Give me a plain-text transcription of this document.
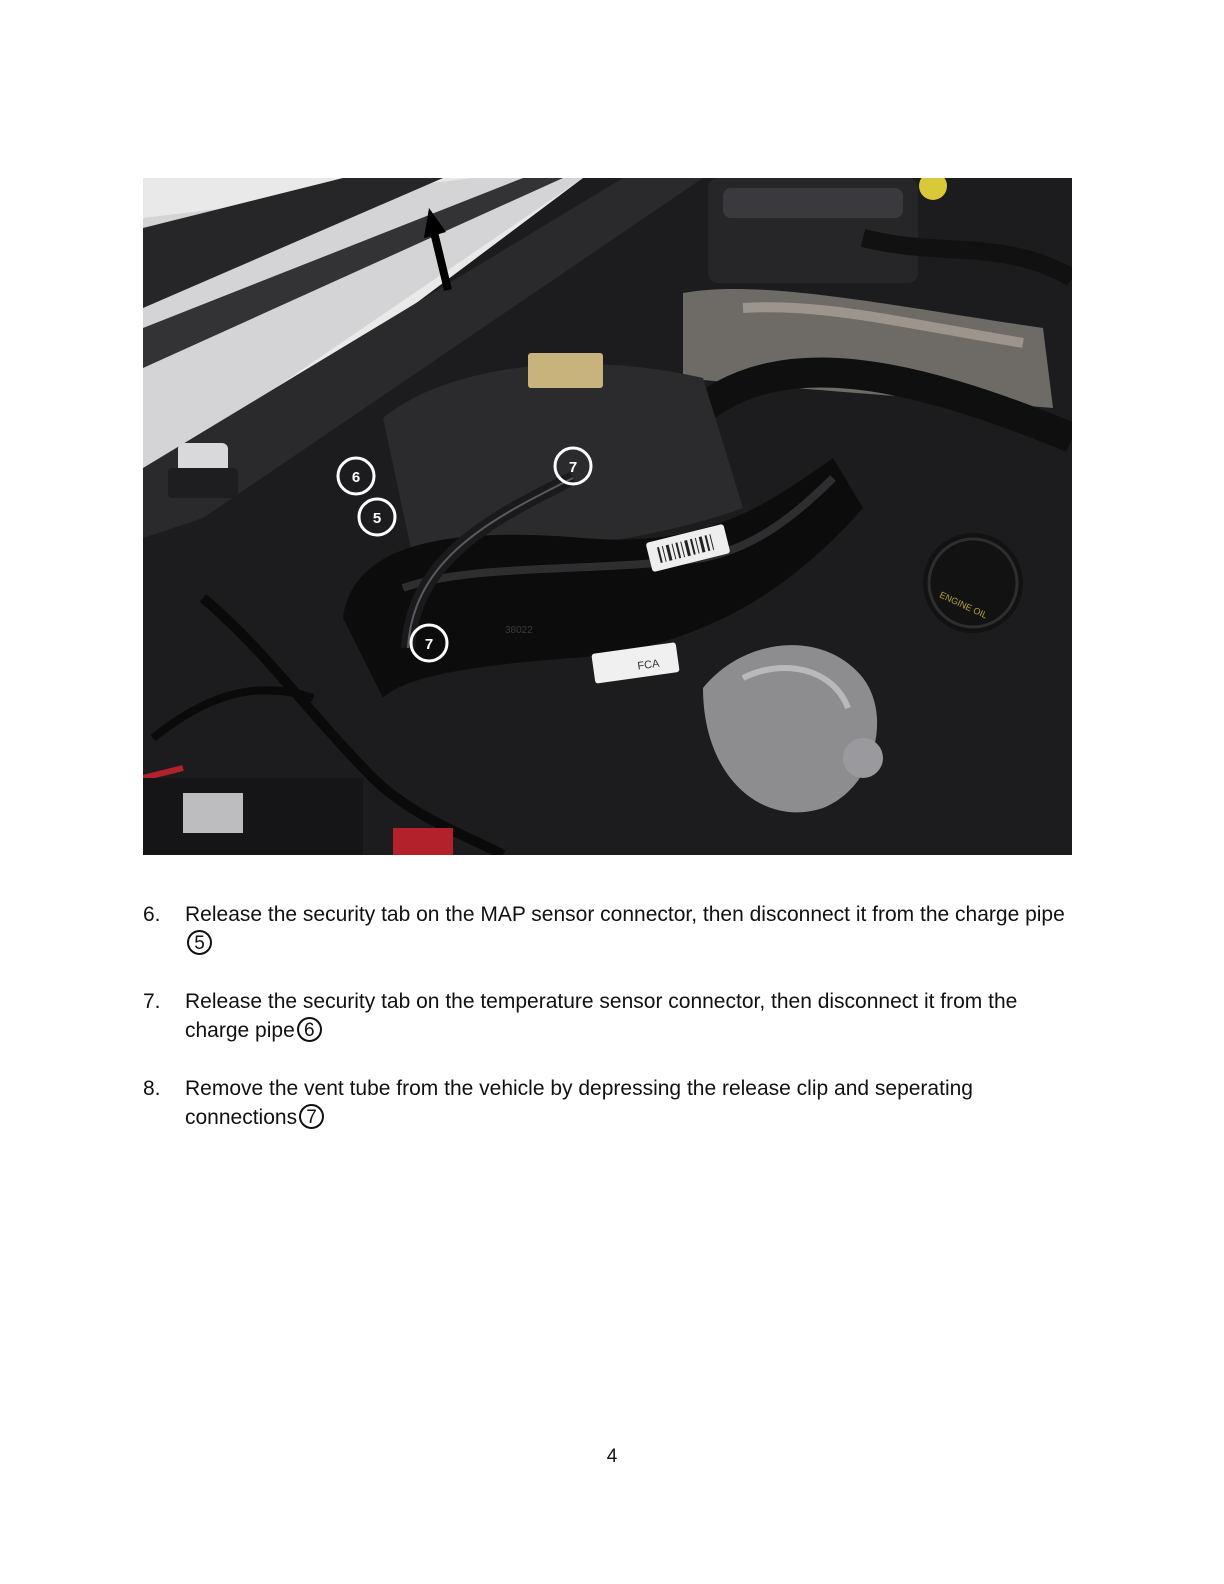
FCA
38022
ENGINE OIL
6
5
7
7
6.	Release the security tab on the MAP sensor connector, then disconnect it from the charge pipe5
7.	Release the security tab on the temperature sensor connector, then disconnect it from the charge pipe 6
8.	Remove the vent tube from the vehicle by depressing the release clip and seperating connections 7
4
